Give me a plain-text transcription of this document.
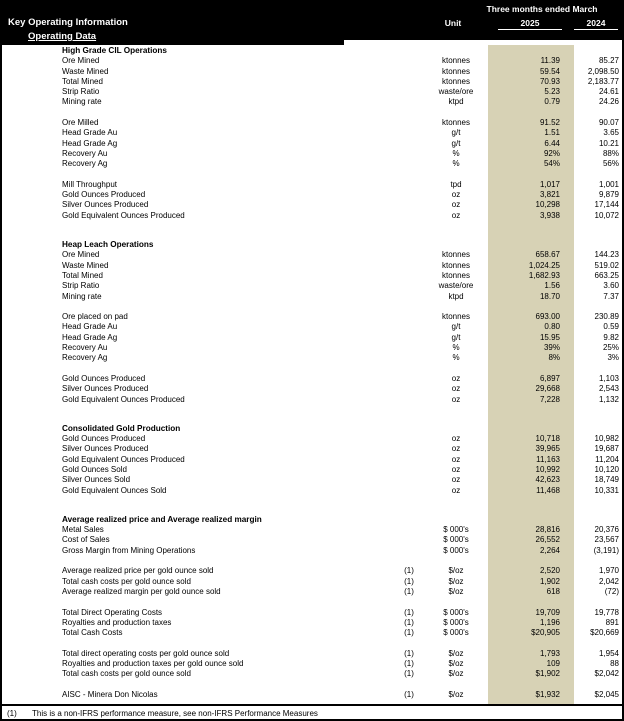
Three months ended March
Key Operating Information	Unit	2025	2024
Operating Data
High Grade CIL Operations
Ore Mined	ktonnes	11.39	85.27
Waste Mined	ktonnes	59.54	2,098.50
Total Mined	ktonnes	70.93	2,183.77
Strip Ratio	waste/ore	5.23	24.61
Mining rate	ktpd	0.79	24.26
Ore Milled	ktonnes	91.52	90.07
Head Grade Au	g/t	1.51	3.65
Head Grade Ag	g/t	6.44	10.21
Recovery Au	%	92%	88%
Recovery Ag	%	54%	56%
Mill Throughput	tpd	1,017	1,001
Gold Ounces Produced	oz	3,821	9,879
Silver Ounces Produced	oz	10,298	17,144
Gold Equivalent Ounces Produced	oz	3,938	10,072
Heap Leach Operations
Ore Mined	ktonnes	658.67	144.23
Waste Mined	ktonnes	1,024.25	519.02
Total Mined	ktonnes	1,682.93	663.25
Strip Ratio	waste/ore	1.56	3.60
Mining rate	ktpd	18.70	7.37
Ore placed on pad	ktonnes	693.00	230.89
Head Grade Au	g/t	0.80	0.59
Head Grade Ag	g/t	15.95	9.82
Recovery Au	%	39%	25%
Recovery Ag	%	8%	3%
Gold Ounces Produced	oz	6,897	1,103
Silver Ounces Produced	oz	29,668	2,543
Gold Equivalent Ounces Produced	oz	7,228	1,132
Consolidated Gold Production
Gold Ounces Produced	oz	10,718	10,982
Silver Ounces Produced	oz	39,965	19,687
Gold Equivalent Ounces Produced	oz	11,163	11,204
Gold Ounces Sold	oz	10,992	10,120
Silver Ounces Sold	oz	42,623	18,749
Gold Equivalent Ounces Sold	oz	11,468	10,331
Average realized price and Average realized margin
Metal Sales	$ 000's	28,816	20,376
Cost of Sales	$ 000's	26,552	23,567
Gross Margin from Mining Operations	$ 000's	2,264	(3,191)
Average realized price per gold ounce sold	(1)	$/oz	2,520	1,970
Total cash costs per gold ounce sold	(1)	$/oz	1,902	2,042
Average realized margin per gold ounce sold	(1)	$/oz	618	(72)
Total Direct Operating Costs	(1)	$ 000's	19,709	19,778
Royalties and production taxes	(1)	$ 000's	1,196	891
Total Cash Costs	(1)	$ 000's	$20,905	$20,669
Total direct operating costs per gold ounce sold	(1)	$/oz	1,793	1,954
Royalties and production taxes per gold ounce sold	(1)	$/oz	109	88
Total cash costs per gold ounce sold	(1)	$/oz	$1,902	$2,042
AISC - Minera Don Nicolas	(1)	$/oz	$1,932	$2,045
(1)	This is a non-IFRS performance measure, see non-IFRS Performance Measures
